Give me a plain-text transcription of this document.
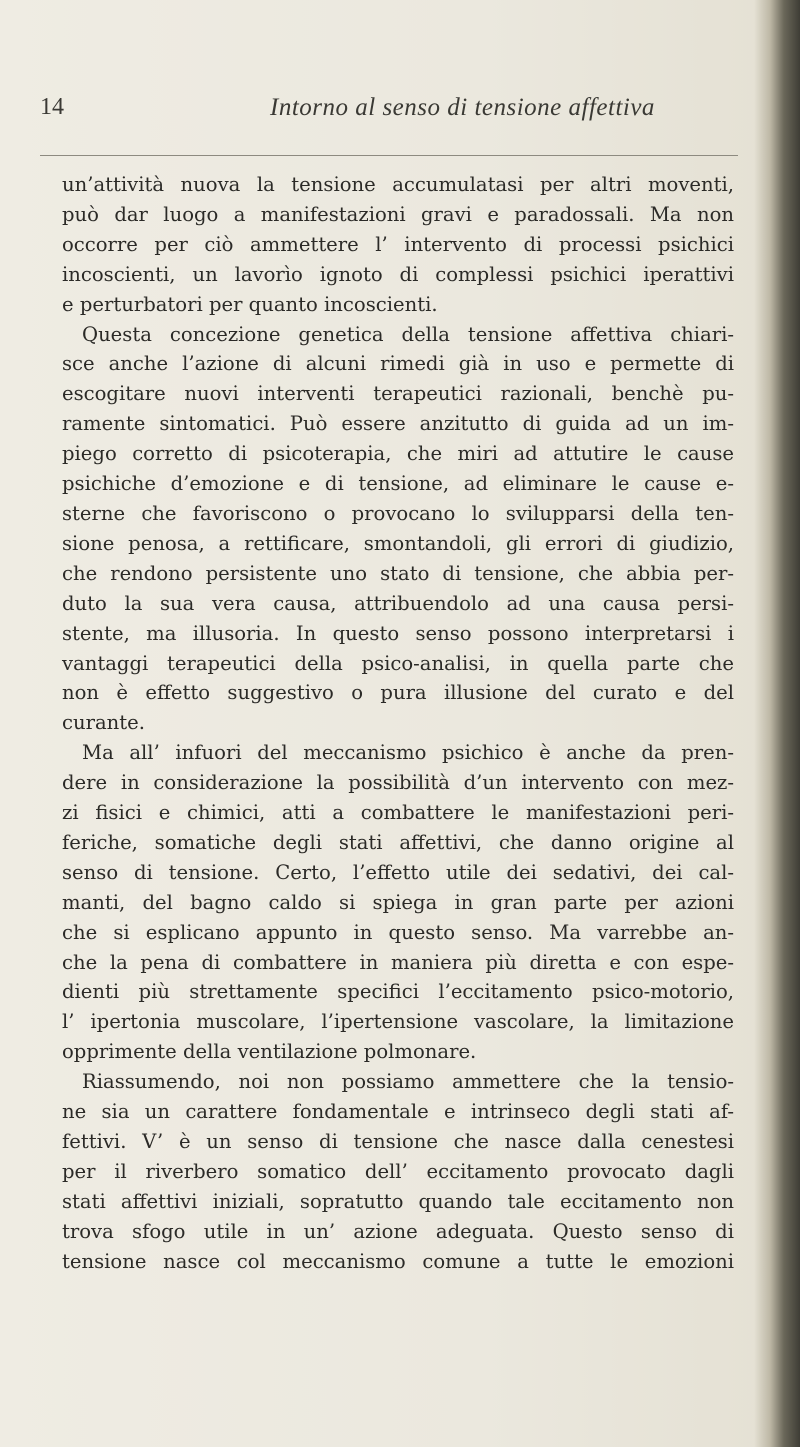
14	Intorno al senso di tensione affettiva

un’attività nuova la tensione accumulatasi per altri moventi,

può dar luogo a manifestazioni gravi e paradossali. Ma non

occorre per ciò ammettere l’ intervento di processi psichici

incoscienti, un lavorìo ignoto di complessi psichici iperattivi

e perturbatori per quanto incoscienti.

Questa concezione genetica della tensione affettiva chiari-

sce anche l’azione di alcuni rimedi già in uso e permette di

escogitare nuovi interventi terapeutici razionali, benchè pu-

ramente sintomatici. Può essere anzitutto di guida ad un im-

piego corretto di psicoterapia, che miri ad attutire le cause

psichiche d’emozione e di tensione, ad eliminare le cause e-

sterne che favoriscono o provocano lo svilupparsi della ten-

sione penosa, a rettificare, smontandoli, gli errori di giudizio,

che rendono persistente uno stato di tensione, che abbia per-

duto la sua vera causa, attribuendolo ad una causa persi-

stente, ma illusoria. In questo senso possono interpretarsi i

vantaggi terapeutici della psico-analisi, in quella parte che

non è effetto suggestivo o pura illusione del curato e del

curante.

Ma all’ infuori del meccanismo psichico è anche da pren-

dere in considerazione la possibilità d’un intervento con mez-

zi fisici e chimici, atti a combattere le manifestazioni peri-

feriche, somatiche degli stati affettivi, che danno origine al

senso di tensione. Certo, l’effetto utile dei sedativi, dei cal-

manti, del bagno caldo si spiega in gran parte per azioni

che si esplicano appunto in questo senso. Ma varrebbe an-

che la pena di combattere in maniera più diretta e con espe-

dienti più strettamente specifici l’eccitamento psico-motorio,

l’ ipertonia muscolare, l’ipertensione vascolare, la limitazione

opprimente della ventilazione polmonare.

Riassumendo, noi non possiamo ammettere che la tensio-

ne sia un carattere fondamentale e intrinseco degli stati af-

fettivi. V’ è un senso di tensione che nasce dalla cenestesi

per il riverbero somatico dell’ eccitamento provocato dagli

stati affettivi iniziali, sopratutto quando tale eccitamento non

trova sfogo utile in un’ azione adeguata. Questo senso di

tensione nasce col meccanismo comune a tutte le emozioni
